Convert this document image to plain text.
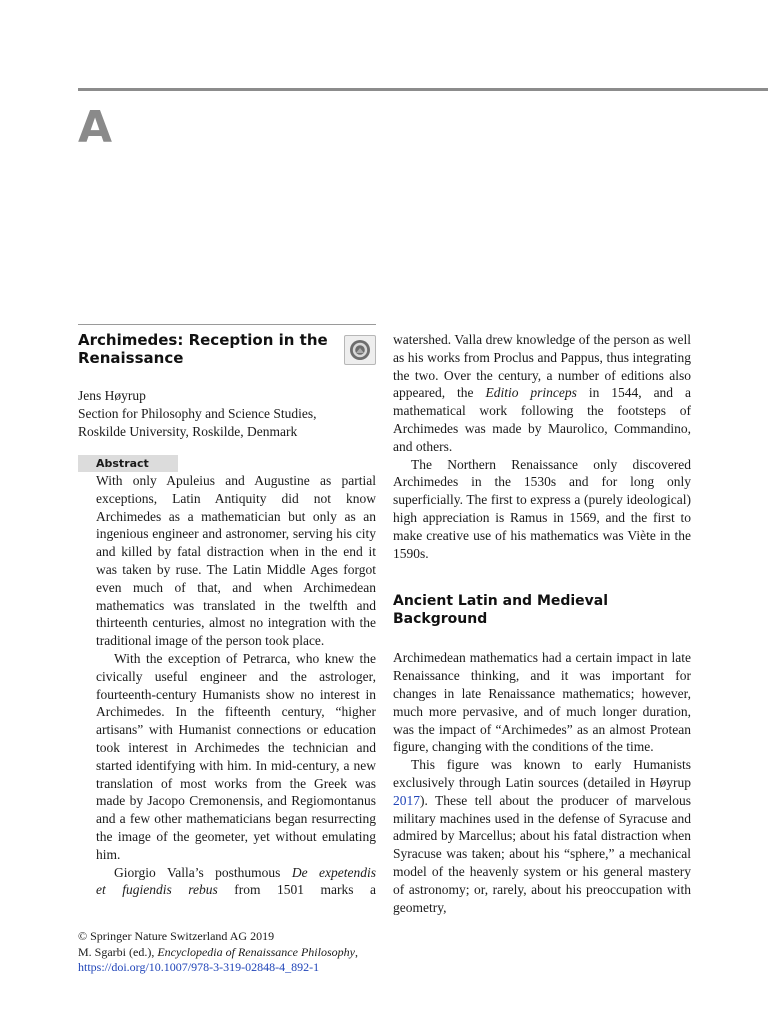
A
Archimedes: Reception in the Renaissance
Jens Høyrup
Section for Philosophy and Science Studies,
Roskilde University, Roskilde, Denmark
Abstract

With only Apuleius and Augustine as partial exceptions, Latin Antiquity did not know Archimedes as a mathematician but only as an ingenious engineer and astronomer, serving his city and killed by fatal distraction when in the end it was taken by ruse. The Latin Middle Ages forgot even much of that, and when Archimedean mathematics was translated in the twelfth and thirteenth centuries, almost no integration with the traditional image of the person took place.

With the exception of Petrarca, who knew the civically useful engineer and the astrologer, fourteenth-century Humanists show no interest in Archimedes. In the fifteenth century, “higher artisans” with Humanist connections or education took interest in Archimedes the technician and started identifying with him. In mid-century, a new translation of most works from the Greek was made by Jacopo Cremonensis, and Regiomontanus and a few other mathematicians began resurrecting the image of the geometer, yet without emulating him.

Giorgio Valla’s posthumous De expetendis

et fugiendis rebus from 1501 marks a

watershed. Valla drew knowledge of the person as well as his works from Proclus and Pappus, thus integrating the two. Over the century, a number of editions also appeared, the Editio princeps in 1544, and a mathematical work following the footsteps of Archimedes was made by Maurolico, Commandino, and others.

The Northern Renaissance only discovered Archimedes in the 1530s and for long only superficially. The first to express a (purely ideological) high appreciation is Ramus in 1569, and the first to make creative use of his mathematics was Viète in the 1590s.

Ancient Latin and Medieval Background

Archimedean mathematics had a certain impact in late Renaissance thinking, and it was important for changes in late Renaissance mathematics; however, much more pervasive, and of much longer duration, was the impact of “Archimedes” as an almost Protean figure, changing with the conditions of the time.

This figure was known to early Humanists exclusively through Latin sources (detailed in Høyrup 2017). These tell about the producer of marvelous military machines used in the defense of Syracuse and admired by Marcellus; about his fatal distraction when Syracuse was taken; about his “sphere,” a mechanical model of the heavenly system or his general mastery of astronomy; or, rarely, about his preoccupation with geometry,

© Springer Nature Switzerland AG 2019
M. Sgarbi (ed.), Encyclopedia of Renaissance Philosophy,
https://doi.org/10.1007/978-3-319-02848-4_892-1
